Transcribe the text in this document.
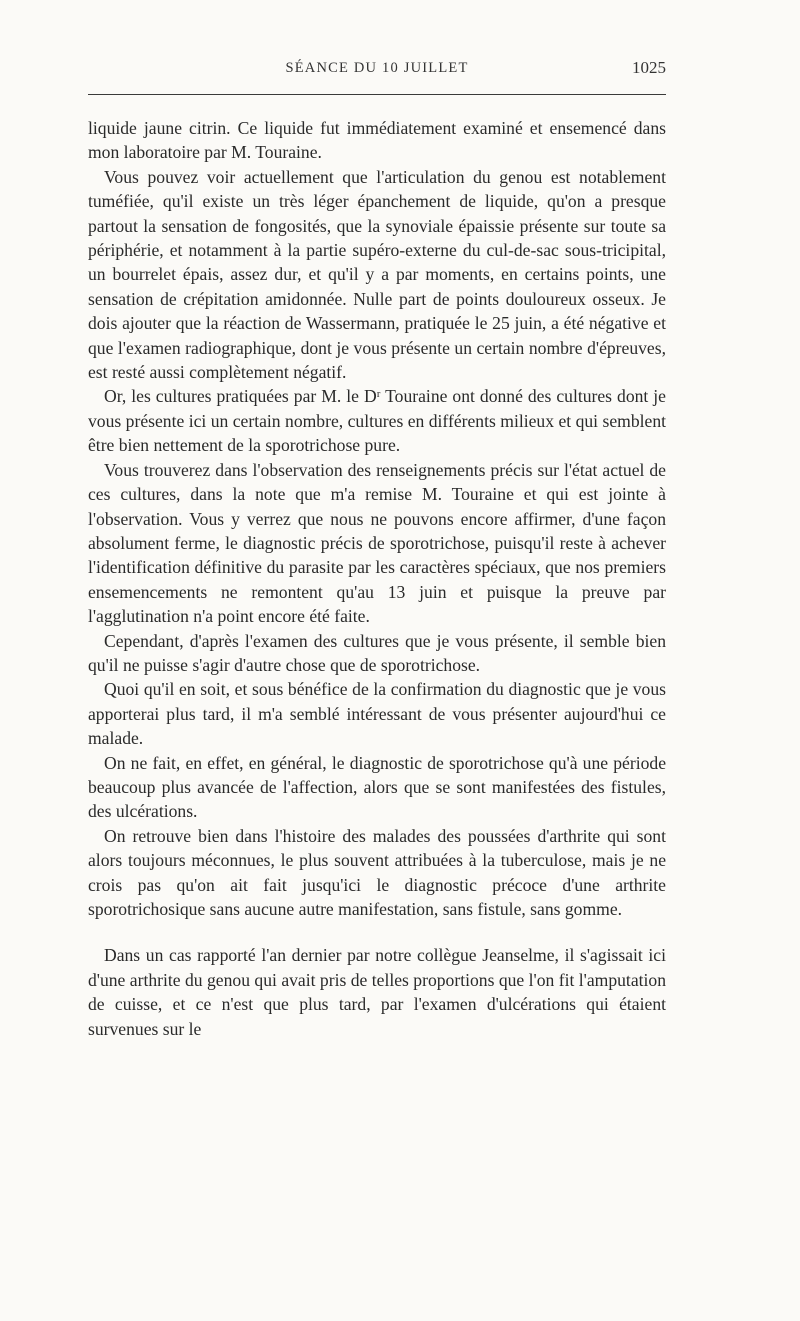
SÉANCE DU 10 JUILLET	1025

liquide jaune citrin. Ce liquide fut immédiatement examiné et ensemencé dans mon laboratoire par M. Touraine.

Vous pouvez voir actuellement que l'articulation du genou est notablement tuméfiée, qu'il existe un très léger épanchement de liquide, qu'on a presque partout la sensation de fongosités, que la synoviale épaissie présente sur toute sa périphérie, et notamment à la partie supéro-externe du cul-de-sac sous-tricipital, un bourrelet épais, assez dur, et qu'il y a par moments, en certains points, une sensation de crépitation amidonnée. Nulle part de points douloureux osseux. Je dois ajouter que la réaction de Wassermann, pratiquée le 25 juin, a été négative et que l'examen radiographique, dont je vous présente un certain nombre d'épreuves, est resté aussi complètement négatif.

Or, les cultures pratiquées par M. le Dʳ Touraine ont donné des cultures dont je vous présente ici un certain nombre, cultures en différents milieux et qui semblent être bien nettement de la sporotrichose pure.

Vous trouverez dans l'observation des renseignements précis sur l'état actuel de ces cultures, dans la note que m'a remise M. Touraine et qui est jointe à l'observation. Vous y verrez que nous ne pouvons encore affirmer, d'une façon absolument ferme, le diagnostic précis de sporotrichose, puisqu'il reste à achever l'identification définitive du parasite par les caractères spéciaux, que nos premiers ensemencements ne remontent qu'au 13 juin et puisque la preuve par l'agglutination n'a point encore été faite.

Cependant, d'après l'examen des cultures que je vous présente, il semble bien qu'il ne puisse s'agir d'autre chose que de sporotrichose.

Quoi qu'il en soit, et sous bénéfice de la confirmation du diagnostic que je vous apporterai plus tard, il m'a semblé intéressant de vous présenter aujourd'hui ce malade.

On ne fait, en effet, en général, le diagnostic de sporotrichose qu'à une période beaucoup plus avancée de l'affection, alors que se sont manifestées des fistules, des ulcérations.

On retrouve bien dans l'histoire des malades des poussées d'arthrite qui sont alors toujours méconnues, le plus souvent attribuées à la tuberculose, mais je ne crois pas qu'on ait fait jusqu'ici le diagnostic précoce d'une arthrite sporotrichosique sans aucune autre manifestation, sans fistule, sans gomme.

Dans un cas rapporté l'an dernier par notre collègue Jeanselme, il s'agissait ici d'une arthrite du genou qui avait pris de telles proportions que l'on fit l'amputation de cuisse, et ce n'est que plus tard, par l'examen d'ulcérations qui étaient survenues sur le
